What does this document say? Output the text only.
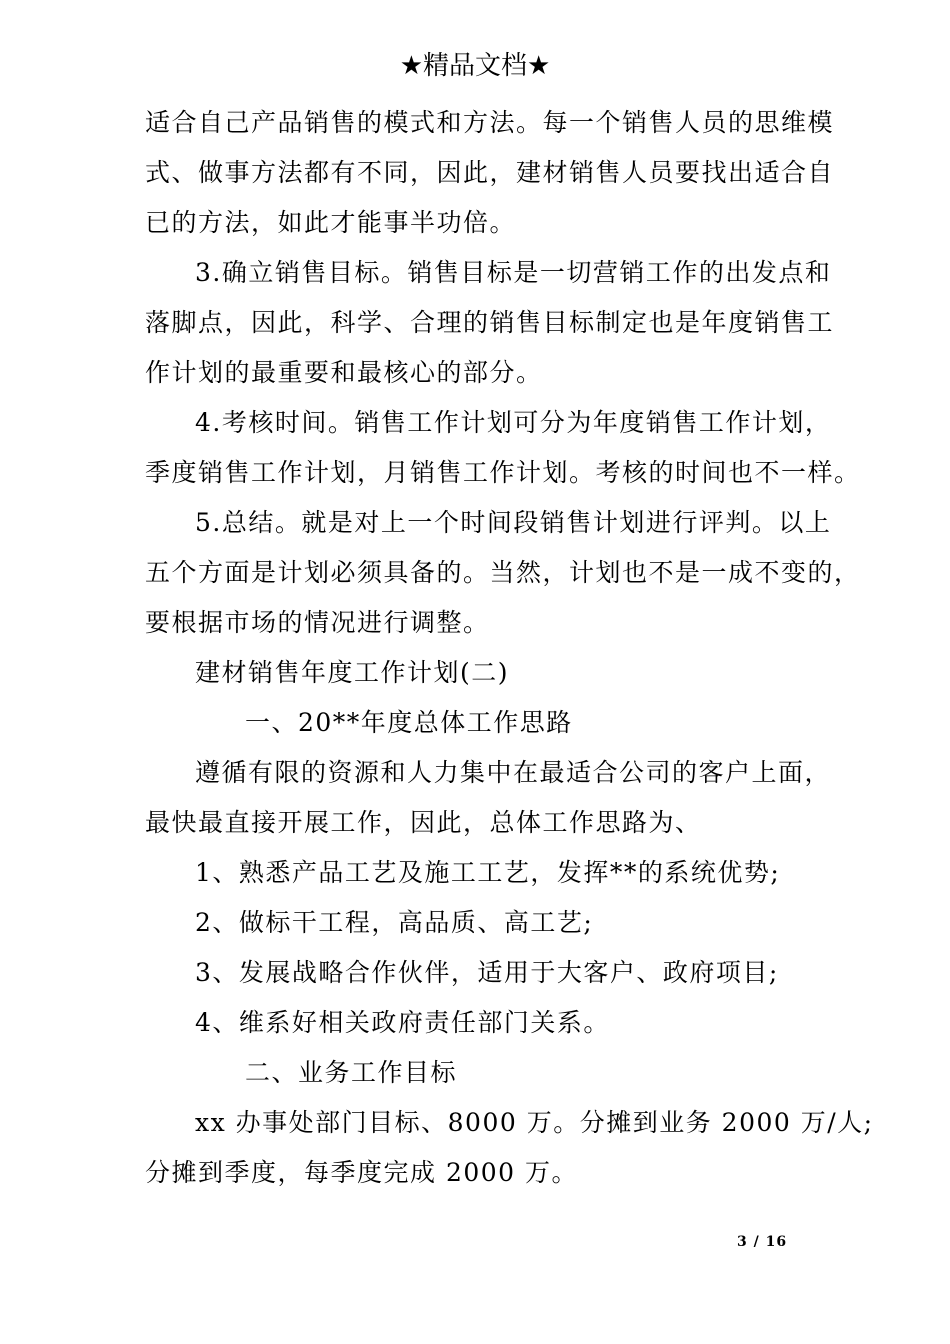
★精品文档★
适合自己产品销售的模式和方法。每一个销售人员的思维模
式、做事方法都有不同，因此，建材销售人员要找出适合自
已的方法，如此才能事半功倍。
3.确立销售目标。销售目标是一切营销工作的出发点和
落脚点，因此，科学、合理的销售目标制定也是年度销售工
作计划的最重要和最核心的部分。
4.考核时间。销售工作计划可分为年度销售工作计划，
季度销售工作计划，月销售工作计划。考核的时间也不一样。
5.总结。就是对上一个时间段销售计划进行评判。以上
五个方面是计划必须具备的。当然，计划也不是一成不变的，
要根据市场的情况进行调整。
建材销售年度工作计划(二)
一、20**年度总体工作思路
遵循有限的资源和人力集中在最适合公司的客户上面，
最快最直接开展工作，因此，总体工作思路为、
1、熟悉产品工艺及施工工艺，发挥**的系统优势;
2、做标干工程，高品质、高工艺;
3、发展战略合作伙伴，适用于大客户、政府项目;
4、维系好相关政府责任部门关系。
二、业务工作目标
xx 办事处部门目标、8000 万。分摊到业务 2000 万/人;
分摊到季度，每季度完成 2000 万。
3 / 16
